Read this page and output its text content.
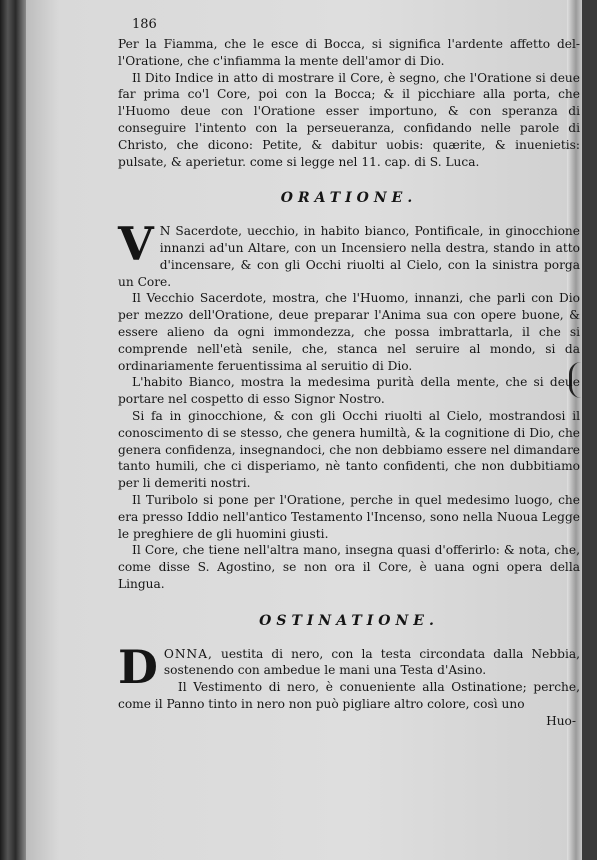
186

Per la Fiamma, che le esce di Bocca, si significa l'ardente affetto del-l'Oratione, che c'infiamma la mente dell'amor di Dio.

Il Dito Indice in atto di mostrare il Core, è segno, che l'Oratione si deue far prima co'l Core, poi con la Bocca; & il picchiare alla porta, che l'Huomo deue con l'Oratione esser importuno, & con speranza di conseguire l'intento con la perseueranza, confidando nelle parole di Christo, che dicono: Petite, & dabitur uobis: quærite, & inuenietis: pulsate, & aperietur. come si legge nel 11. cap. di S. Luca.

ORATIONE.

V N Sacerdote, uecchio, in habito bianco, Pontificale, in ginocchione innanzi ad'un Altare, con un Incensiero nella destra, stando in atto d'incensare, & con gli Occhi riuolti al Cielo, con la sinistra porga un Core.

Il Vecchio Sacerdote, mostra, che l'Huomo, innanzi, che parli con Dio per mezzo dell'Oratione, deue preparar l'Anima sua con opere buone, & essere alieno da ogni immondezza, che possa imbrattarla, il che si comprende nell'età senile, che, stanca nel seruire al mondo, si da ordinariamente feruentissima al seruitio di Dio.

L'habito Bianco, mostra la medesima purità della mente, che si deue portare nel cospetto di esso Signor Nostro.

Si fa in ginocchione, & con gli Occhi riuolti al Cielo, mostrandosi il conoscimento di se stesso, che genera humiltà, & la cognitione di Dio, che genera confidenza, insegnandoci, che non debbiamo essere nel dimandare tanto humili, che ci disperiamo, nè tanto confidenti, che non dubbitiamo per li demeriti nostri.

Il Turibolo si pone per l'Oratione, perche in quel medesimo luogo, che era presso Iddio nell'antico Testamento l'Incenso, sono nella Nuoua Legge le preghiere de gli huomini giusti.

Il Core, che tiene nell'altra mano, insegna quasi d'offerirlo: & nota, che, come disse S. Agostino, se non ora il Core, è uana ogni opera della Lingua.

OSTINATIONE.

DONNA, uestita di nero, con la testa circondata dalla Nebbia, sostenendo con ambedue le mani una Testa d'Asino.

Il Vestimento di nero, è conueniente alla Ostinatione; perche, come il Panno tinto in nero non può pigliare altro colore, così uno

Huo-
